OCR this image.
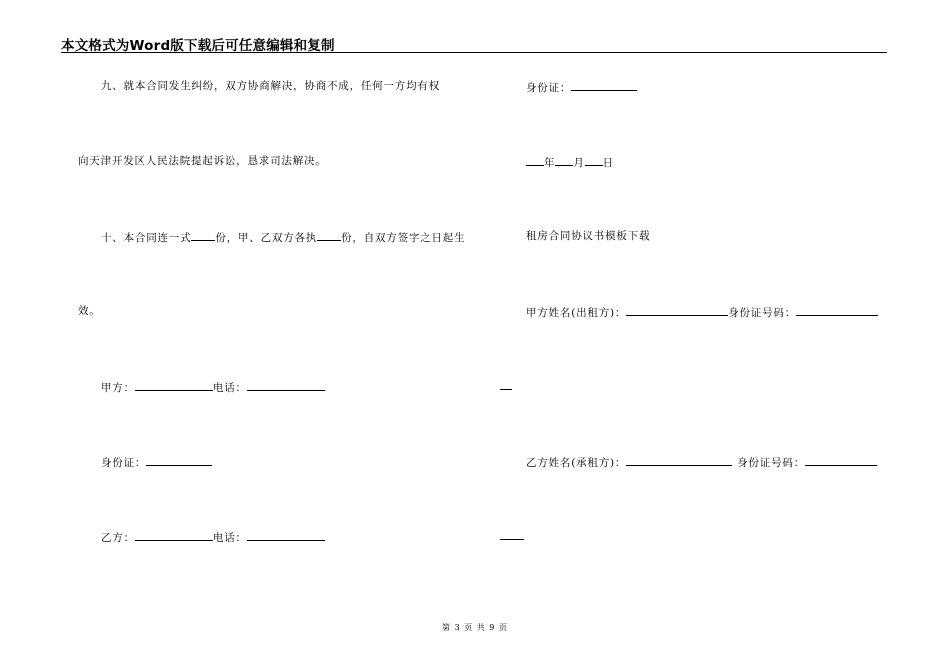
本文格式为Word版下载后可任意编辑和复制
九、就本合同发生纠纷，双方协商解决，协商不成，任何一方均有权
向天津开发区人民法院提起诉讼，恳求司法解决。
十、本合同连一式 份，甲、乙双方各执 份，自双方签字之日起生
效。
甲方：	电话：
身份证：
乙方：	电话：
身份证：
年 月 日
租房合同协议书模板下载
甲方姓名(出租方)：	身份证号码：
乙方姓名(承租方)：	身份证号码：
第 3 页 共 9 页
